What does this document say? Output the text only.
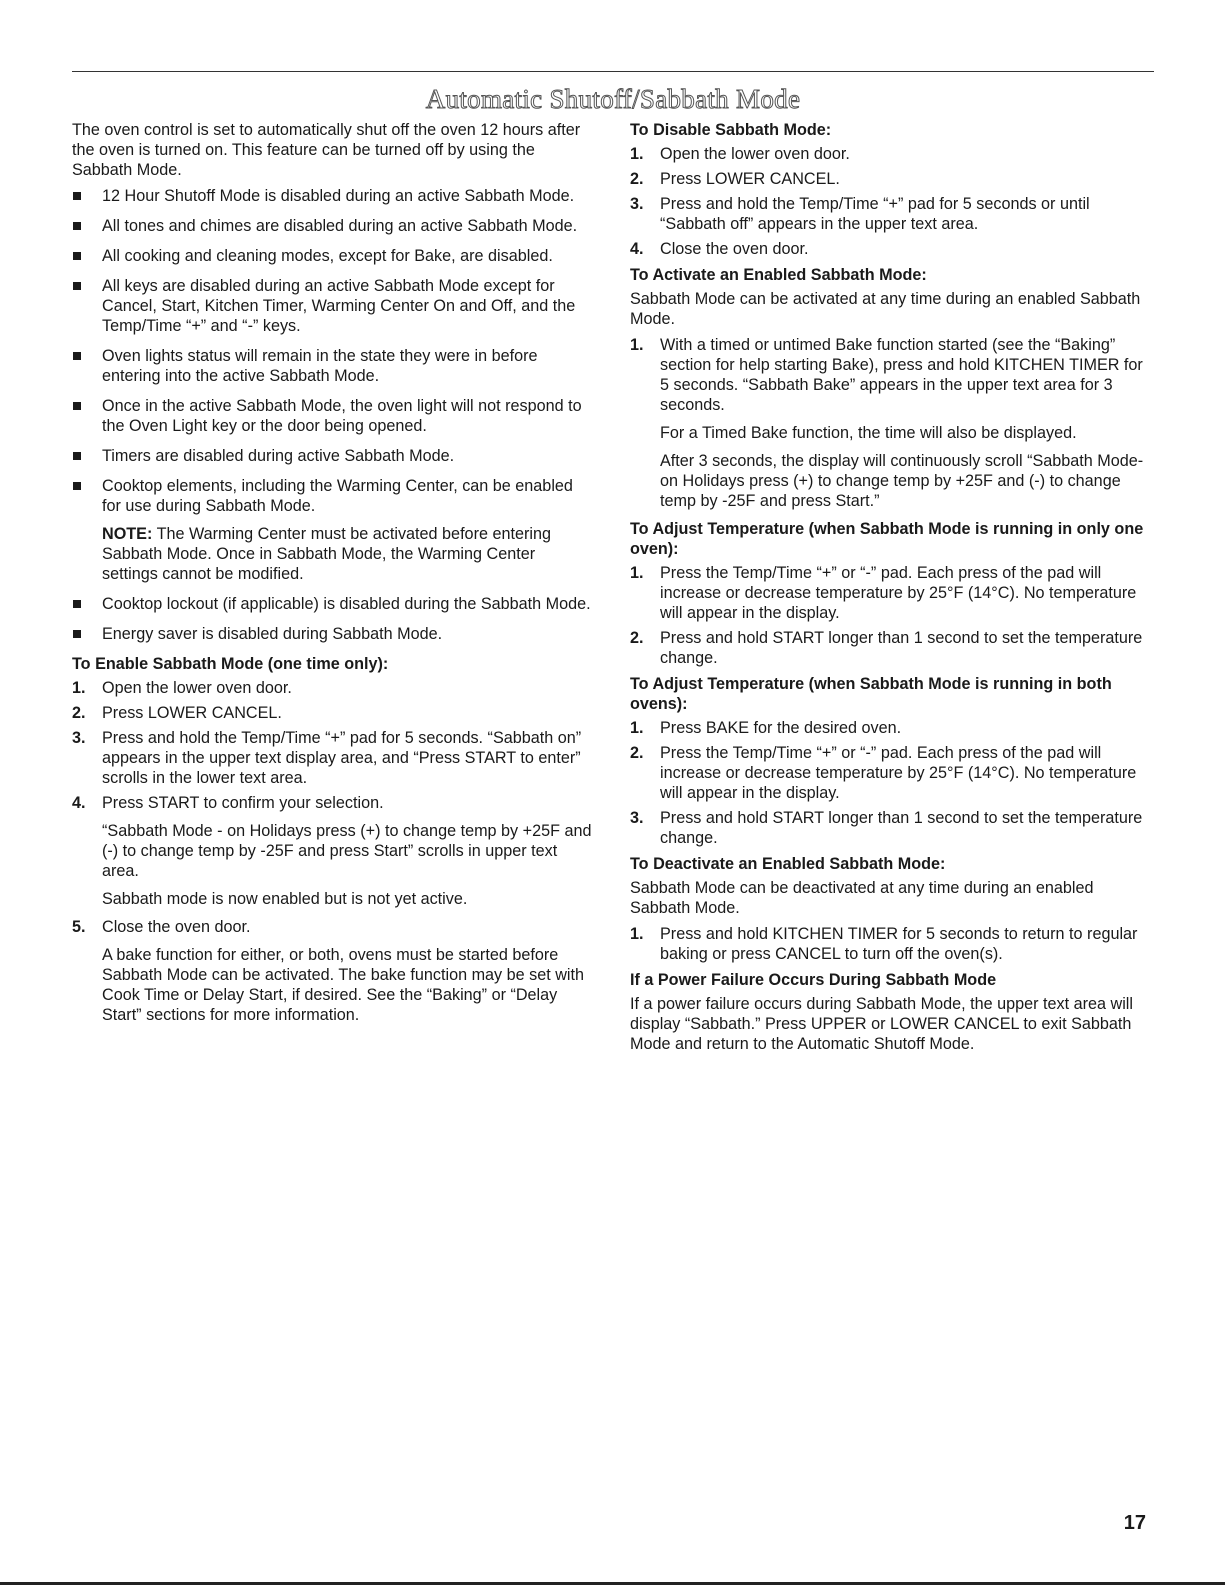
Automatic Shutoff/Sabbath Mode

The oven control is set to automatically shut off the oven 12 hours after the oven is turned on. This feature can be turned off by using the Sabbath Mode.

12 Hour Shutoff Mode is disabled during an active Sabbath Mode.
All tones and chimes are disabled during an active Sabbath Mode.
All cooking and cleaning modes, except for Bake, are disabled.
All keys are disabled during an active Sabbath Mode except for Cancel, Start, Kitchen Timer, Warming Center On and Off, and the Temp/Time “+” and “-” keys.
Oven lights status will remain in the state they were in before entering into the active Sabbath Mode.
Once in the active Sabbath Mode, the oven light will not respond to the Oven Light key or the door being opened.
Timers are disabled during active Sabbath Mode.
Cooktop elements, including the Warming Center, can be enabled for use during Sabbath Mode.
NOTE: The Warming Center must be activated before entering Sabbath Mode. Once in Sabbath Mode, the Warming Center settings cannot be modified.
Cooktop lockout (if applicable) is disabled during the Sabbath Mode.
Energy saver is disabled during Sabbath Mode.

To Enable Sabbath Mode (one time only):

1. Open the lower oven door.
2. Press LOWER CANCEL.
3. Press and hold the Temp/Time “+” pad for 5 seconds. “Sabbath on” appears in the upper text display area, and “Press START to enter” scrolls in the lower text area.
4. Press START to confirm your selection.

“Sabbath Mode - on Holidays press (+) to change temp by +25F and (-) to change temp by -25F and press Start” scrolls in upper text area.

Sabbath mode is now enabled but is not yet active.

5. Close the oven door.

A bake function for either, or both, ovens must be started before Sabbath Mode can be activated. The bake function may be set with Cook Time or Delay Start, if desired. See the “Baking” or “Delay Start” sections for more information.

To Disable Sabbath Mode:

1. Open the lower oven door.
2. Press LOWER CANCEL.
3. Press and hold the Temp/Time “+” pad for 5 seconds or until “Sabbath off” appears in the upper text area.
4. Close the oven door.

To Activate an Enabled Sabbath Mode:

Sabbath Mode can be activated at any time during an enabled Sabbath Mode.

1. With a timed or untimed Bake function started (see the “Baking” section for help starting Bake), press and hold KITCHEN TIMER for 5 seconds. “Sabbath Bake” appears in the upper text area for 3 seconds.

For a Timed Bake function, the time will also be displayed.

After 3 seconds, the display will continuously scroll “Sabbath Mode- on Holidays press (+) to change temp by +25F and (-) to change temp by -25F and press Start.”

To Adjust Temperature (when Sabbath Mode is running in only one oven):

1. Press the Temp/Time “+” or “-” pad. Each press of the pad will increase or decrease temperature by 25°F (14°C). No temperature will appear in the display.
2. Press and hold START longer than 1 second to set the temperature change.

To Adjust Temperature (when Sabbath Mode is running in both ovens):

1. Press BAKE for the desired oven.
2. Press the Temp/Time “+” or “-” pad. Each press of the pad will increase or decrease temperature by 25°F (14°C). No temperature will appear in the display.
3. Press and hold START longer than 1 second to set the temperature change.

To Deactivate an Enabled Sabbath Mode:

Sabbath Mode can be deactivated at any time during an enabled Sabbath Mode.

1. Press and hold KITCHEN TIMER for 5 seconds to return to regular baking or press CANCEL to turn off the oven(s).

If a Power Failure Occurs During Sabbath Mode

If a power failure occurs during Sabbath Mode, the upper text area will display “Sabbath.” Press UPPER or LOWER CANCEL to exit Sabbath Mode and return to the Automatic Shutoff Mode.

17
